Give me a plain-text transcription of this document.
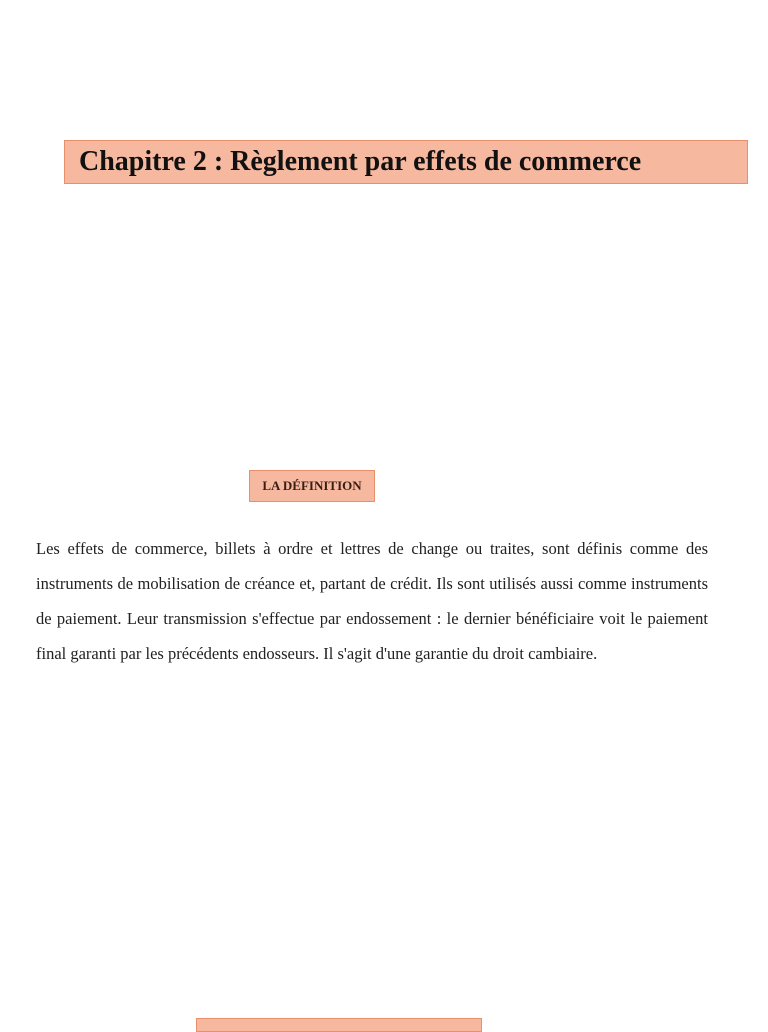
Chapitre 2 : Règlement par effets de commerce
LA DÉFINITION

Les effets de commerce, billets à ordre et lettres de change ou traites, sont définis comme des instruments de mobilisation de créance et, partant de crédit. Ils sont utilisés aussi comme instruments de paiement. Leur transmission s'effectue par endossement : le dernier bénéficiaire voit le paiement final garanti par les précédents endosseurs. Il s'agit d'une garantie du droit cambiaire.
